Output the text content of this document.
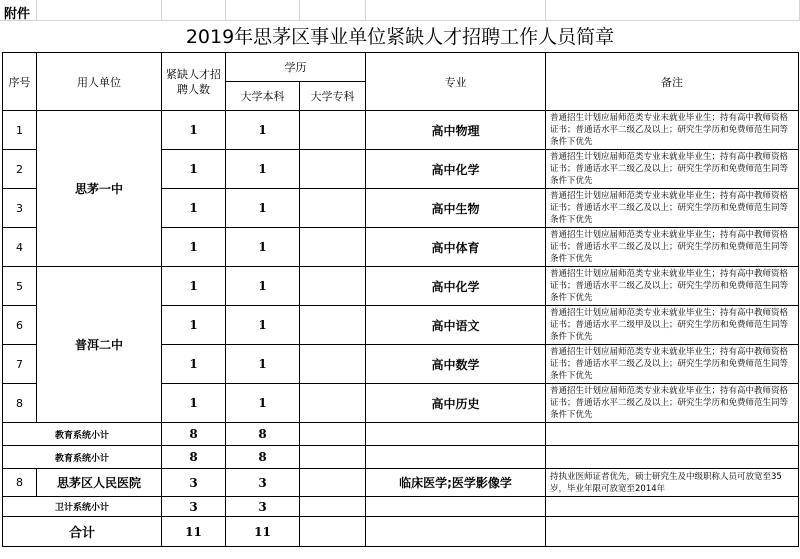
附件
2019年思茅区事业单位紧缺人才招聘工作人员简章
序号	用人单位	紧缺人才招聘人数	学历		专业	备注
			大学本科	大学专科		
1	思茅一中	1	1		高中物理	普通招生计划应届师范类专业未就业毕业生；持有高中教师资格证书；普通话水平二级乙及以上；研究生学历和免费师范生同等条件下优先
2		1	1		高中化学	普通招生计划应届师范类专业未就业毕业生；持有高中教师资格证书；普通话水平二级乙及以上；研究生学历和免费师范生同等条件下优先
3		1	1		高中生物	普通招生计划应届师范类专业未就业毕业生；持有高中教师资格证书；普通话水平二级乙及以上；研究生学历和免费师范生同等条件下优先
4		1	1		高中体育	普通招生计划应届师范类专业未就业毕业生；持有高中教师资格证书；普通话水平二级乙及以上；研究生学历和免费师范生同等条件下优先
5	普洱二中	1	1		高中化学	普通招生计划应届师范类专业未就业毕业生；持有高中教师资格证书；普通话水平二级乙及以上；研究生学历和免费师范生同等条件下优先
6		1	1		高中语文	普通招生计划应届师范类专业未就业毕业生；持有高中教师资格证书；普通话水平二级甲及以上；研究生学历和免费师范生同等条件下优先
7		1	1		高中数学	普通招生计划应届师范类专业未就业毕业生；持有高中教师资格证书；普通话水平二级乙及以上；研究生学历和免费师范生同等条件下优先
8		1	1		高中历史	普通招生计划应届师范类专业未就业毕业生；持有高中教师资格证书；普通话水平二级乙及以上；研究生学历和免费师范生同等条件下优先
教育系统小计		8	8			
教育系统小计		8	8			
8	思茅区人民医院	3	3		临床医学;医学影像学	持执业医师证者优先，硕士研究生及中级职称人员可放宽至35岁，毕业年限可放宽至2014年
卫计系统小计		3	3			
合计		11	11			
